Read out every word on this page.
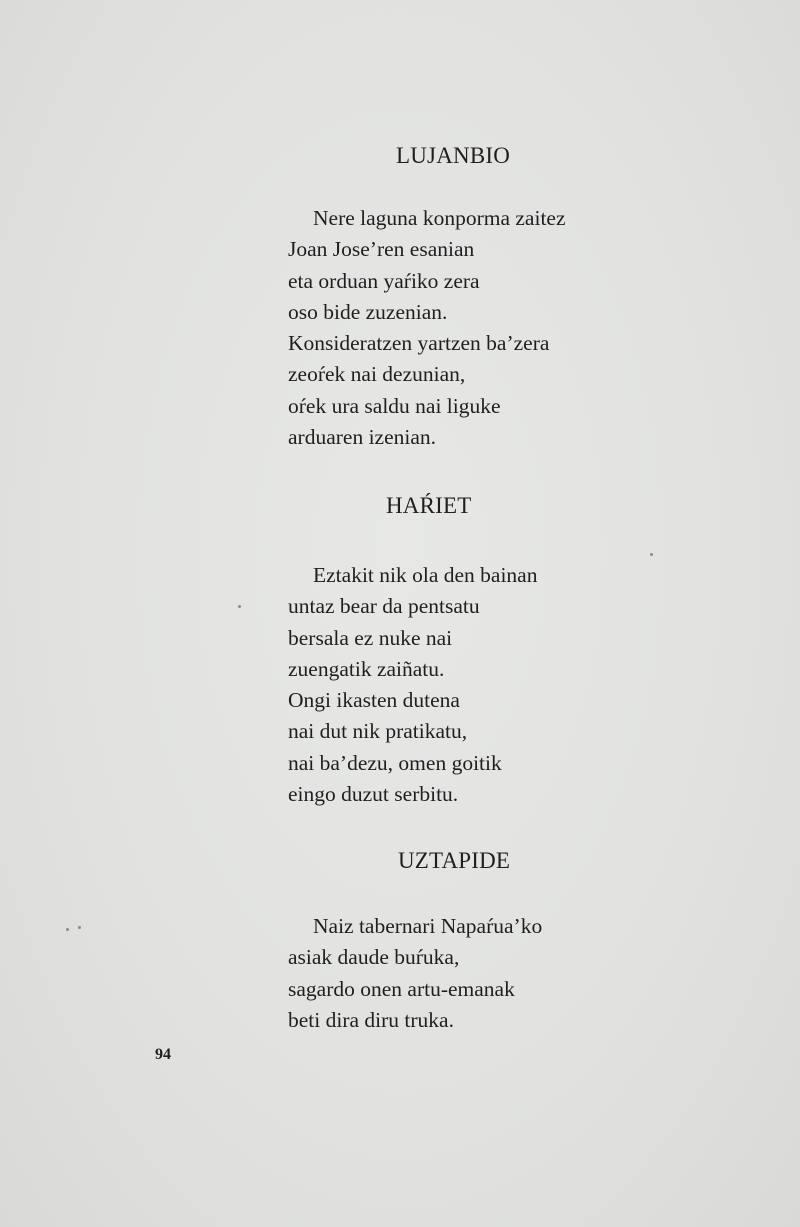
LUJANBIO
Nere laguna konporma zaitez
Joan Jose’ren esanian
eta orduan yaŕiko zera
oso bide zuzenian.
Konsideratzen yartzen ba’zera
zeoŕek nai dezunian,
oŕek ura saldu nai liguke
arduaren izenian.
HAŔIET
Eztakit nik ola den bainan
untaz bear da pentsatu
bersala ez nuke nai
zuengatik zaiñatu.
Ongi ikasten dutena
nai dut nik pratikatu,
nai ba’dezu, omen goitik
eingo duzut serbitu.
UZTAPIDE
Naiz tabernari Napaŕua’ko
asiak daude buŕuka,
sagardo onen artu-emanak
beti dira diru truka.
94
